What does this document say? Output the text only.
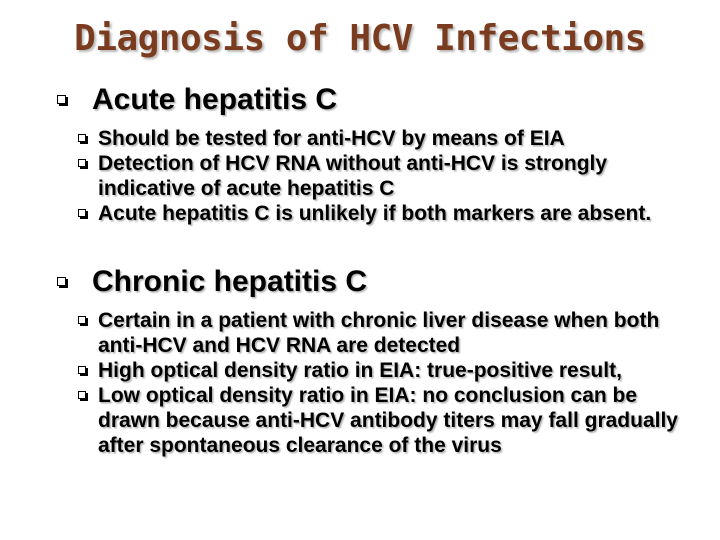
Diagnosis of HCV Infections
Acute hepatitis C
Should be tested for anti-HCV by means of EIA
Detection of HCV RNA without anti-HCV is strongly indicative of acute hepatitis C
Acute hepatitis C is unlikely if both markers are absent.
Chronic hepatitis C
Certain in a patient with chronic liver disease when both anti-HCV and HCV RNA are detected
High optical density ratio in EIA: true-positive result,
Low optical density ratio in EIA: no conclusion can be drawn because anti-HCV antibody titers may fall gradually after spontaneous clearance of the virus
